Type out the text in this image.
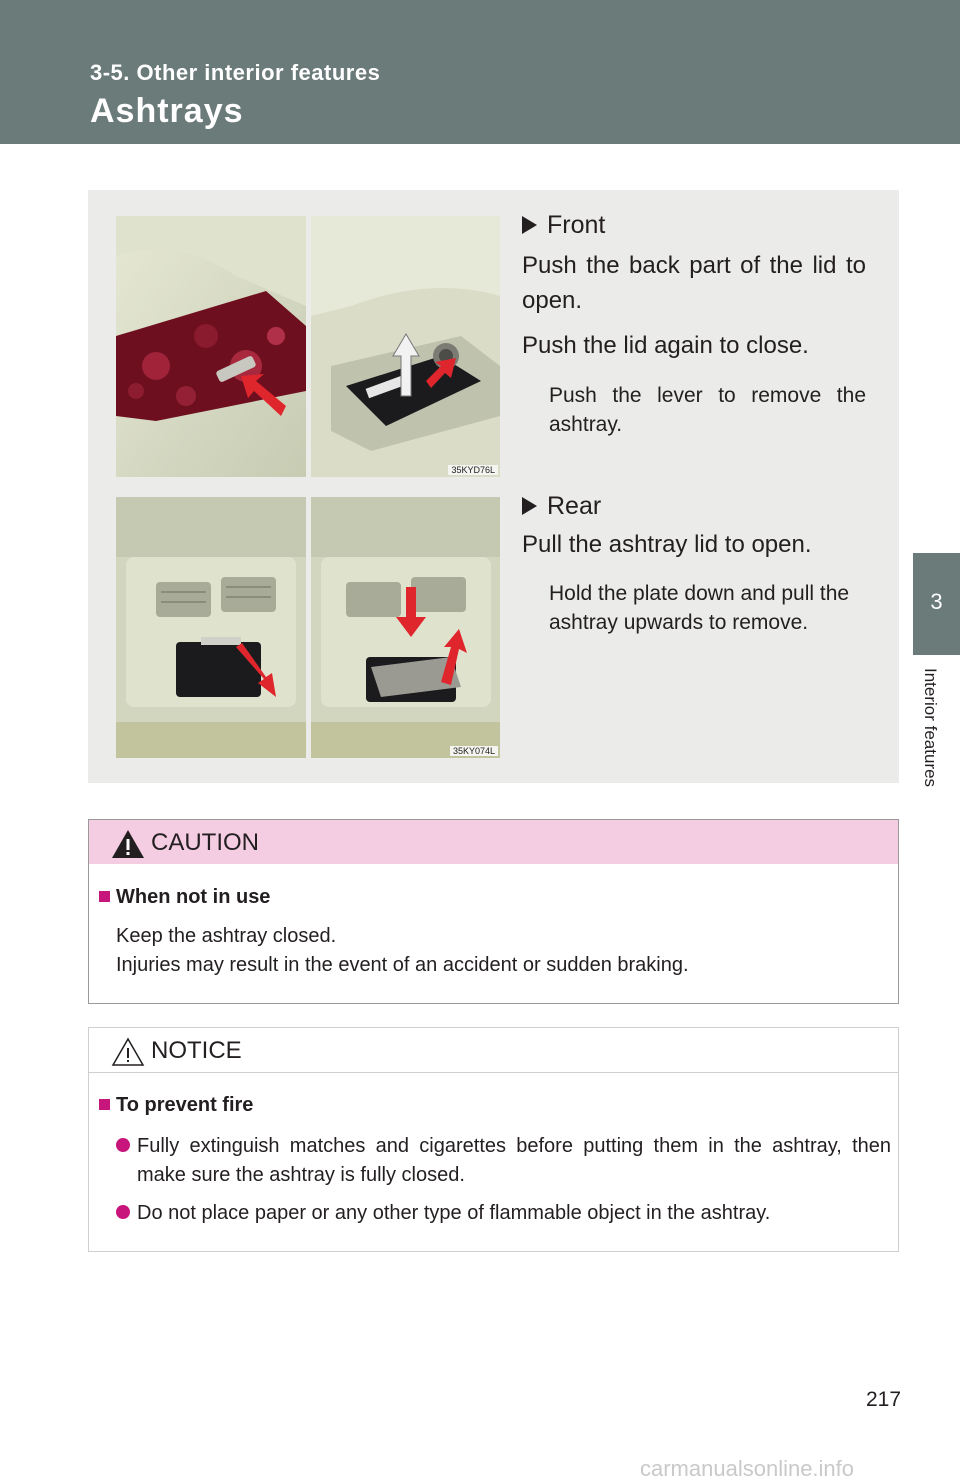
3-5. Other interior features
Ashtrays
3
Interior features
35KYD76L
35KY074L
Front
Push the back part of the lid to open.
Push the lid again to close.
Push the lever to remove the ashtray.
Rear
Pull the ashtray lid to open.
Hold the plate down and pull the ashtray upwards to remove.
CAUTION
When not in use
Keep the ashtray closed.
Injuries may result in the event of an accident or sudden braking.
NOTICE
To prevent fire
Fully extinguish matches and cigarettes before putting them in the ashtray, then make sure the ashtray is fully closed.
Do not place paper or any other type of flammable object in the ashtray.
217
carmanualsonline.info
